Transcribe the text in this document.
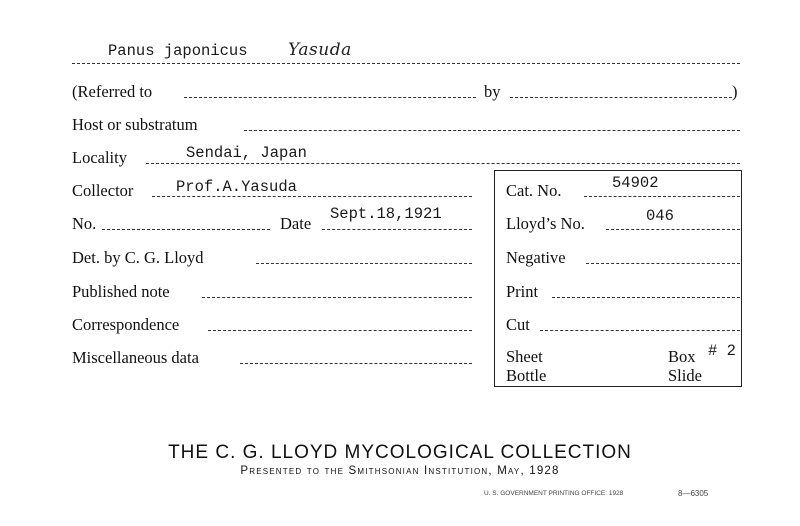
Panus japonicus Yasuda
(Referred to	by	)
Host or substratum
Locality	Sendai, Japan
Collector	Prof.A.Yasuda	Cat. No.	54902
No.	Date Sept.18,1921	Lloyd’s No.	046
Det. by C. G. Lloyd	Negative
Published note	Print
Correspondence	Cut
Miscellaneous data	Sheet	Box # 2
Bottle	Slide
THE C. G. LLOYD MYCOLOGICAL COLLECTION
Presented to the Smithsonian Institution, May, 1928
U. S. GOVERNMENT PRINTING OFFICE: 1928	8—6305
